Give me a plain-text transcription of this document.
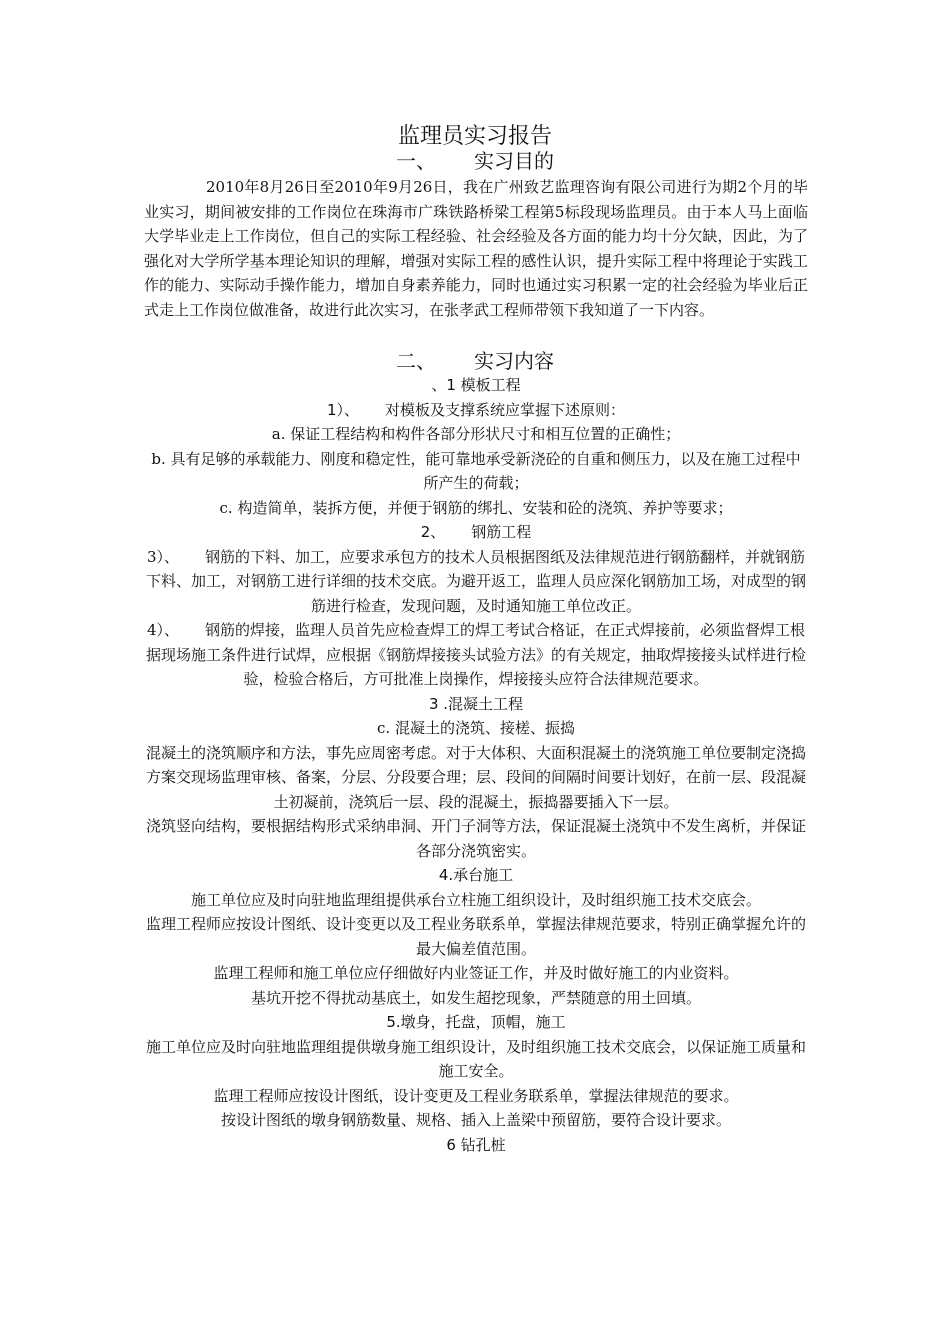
监理员实习报告
一、 实习目的

2010年8月26日至2010年9月26日，我在广州致艺监理咨询有限公司进行为期2个月的毕业实习，期间被安排的工作岗位在珠海市广珠铁路桥梁工程第5标段现场监理员。由于本人马上面临大学毕业走上工作岗位，但自己的实际工程经验、社会经验及各方面的能力均十分欠缺，因此，为了强化对大学所学基本理论知识的理解，增强对实际工程的感性认识，提升实际工程中将理论于实践工作的能力、实际动手操作能力，增加自身素养能力，同时也通过实习积累一定的社会经验为毕业后正式走上工作岗位做准备，故进行此次实习，在张孝武工程师带领下我知道了一下内容。

二、 实习内容

、1 模板工程

1）、 对模板及支撑系统应掌握下述原则：

a. 保证工程结构和构件各部分形状尺寸和相互位置的正确性；

b. 具有足够的承载能力、刚度和稳定性，能可靠地承受新浇砼的自重和侧压力，以及在施工过程中所产生的荷载；

c. 构造简单，装拆方便，并便于钢筋的绑扎、安装和砼的浇筑、养护等要求；

2、 钢筋工程

3）、 钢筋的下料、加工，应要求承包方的技术人员根据图纸及法律规范进行钢筋翻样，并就钢筋下料、加工，对钢筋工进行详细的技术交底。为避开返工，监理人员应深化钢筋加工场，对成型的钢筋进行检查，发现问题，及时通知施工单位改正。

4）、 钢筋的焊接，监理人员首先应检查焊工的焊工考试合格证，在正式焊接前，必须监督焊工根据现场施工条件进行试焊，应根据《钢筋焊接接头试验方法》的有关规定，抽取焊接接头试样进行检验，检验合格后，方可批准上岗操作，焊接接头应符合法律规范要求。

3 .混凝土工程

c. 混凝土的浇筑、接槎、振捣

混凝土的浇筑顺序和方法，事先应周密考虑。对于大体积、大面积混凝土的浇筑施工单位要制定浇捣方案交现场监理审核、备案，分层、分段要合理；层、段间的间隔时间要计划好，在前一层、段混凝土初凝前，浇筑后一层、段的混凝土，振捣器要插入下一层。

浇筑竖向结构，要根据结构形式采纳串洞、开门子洞等方法，保证混凝土浇筑中不发生离析，并保证各部分浇筑密实。

4.承台施工

施工单位应及时向驻地监理组提供承台立柱施工组织设计，及时组织施工技术交底会。

监理工程师应按设计图纸、设计变更以及工程业务联系单，掌握法律规范要求，特别正确掌握允许的最大偏差值范围。

监理工程师和施工单位应仔细做好内业签证工作，并及时做好施工的内业资料。

基坑开挖不得扰动基底土，如发生超挖现象，严禁随意的用土回填。

5.墩身，托盘，顶帽，施工

施工单位应及时向驻地监理组提供墩身施工组织设计，及时组织施工技术交底会，以保证施工质量和施工安全。

监理工程师应按设计图纸，设计变更及工程业务联系单，掌握法律规范的要求。

按设计图纸的墩身钢筋数量、规格、插入上盖梁中预留筋，要符合设计要求。

6 钻孔桩
